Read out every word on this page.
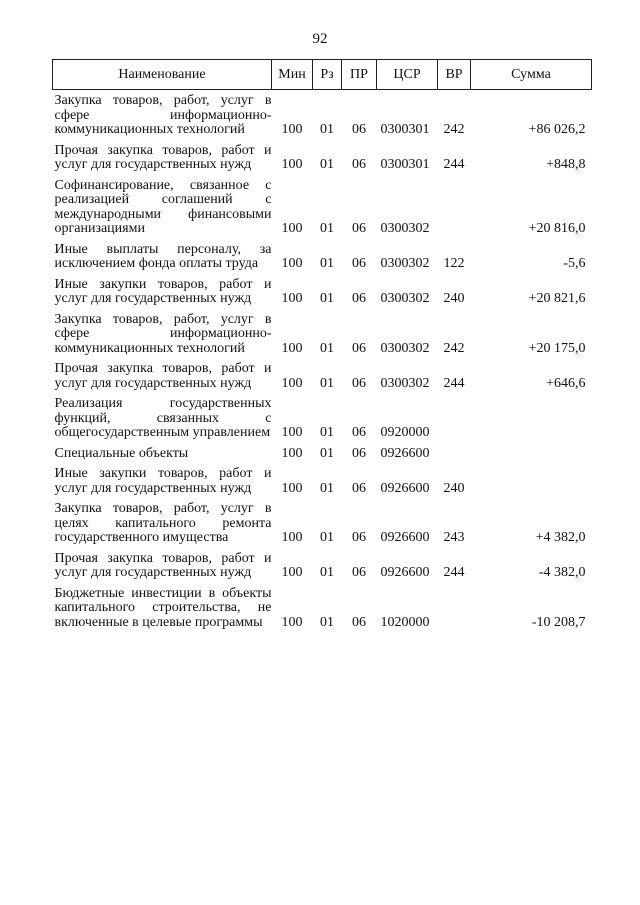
92
Наименование	Мин	Рз	ПР	ЦСР	ВР	Сумма
Закупка товаров, работ, услуг в сфере информационно-коммуникационных технологий	100	01	06	0300301	242	+86 026,2
Прочая закупка товаров, работ и услуг для государственных нужд	100	01	06	0300301	244	+848,8
Софинансирование, связанное с реализацией соглашений с международными финансовыми организациями	100	01	06	0300302		+20 816,0
Иные выплаты персоналу, за исключением фонда оплаты труда	100	01	06	0300302	122	-5,6
Иные закупки товаров, работ и услуг для государственных нужд	100	01	06	0300302	240	+20 821,6
Закупка товаров, работ, услуг в сфере информационно-коммуникационных технологий	100	01	06	0300302	242	+20 175,0
Прочая закупка товаров, работ и услуг для государственных нужд	100	01	06	0300302	244	+646,6
Реализация государственных функций, связанных с общегосударственным управлением	100	01	06	0920000		
Специальные объекты	100	01	06	0926600		
Иные закупки товаров, работ и услуг для государственных нужд	100	01	06	0926600	240	
Закупка товаров, работ, услуг в целях капитального ремонта государственного имущества	100	01	06	0926600	243	+4 382,0
Прочая закупка товаров, работ и услуг для государственных нужд	100	01	06	0926600	244	-4 382,0
Бюджетные инвестиции в объекты капитального строительства, не включенные в целевые программы	100	01	06	1020000		-10 208,7
